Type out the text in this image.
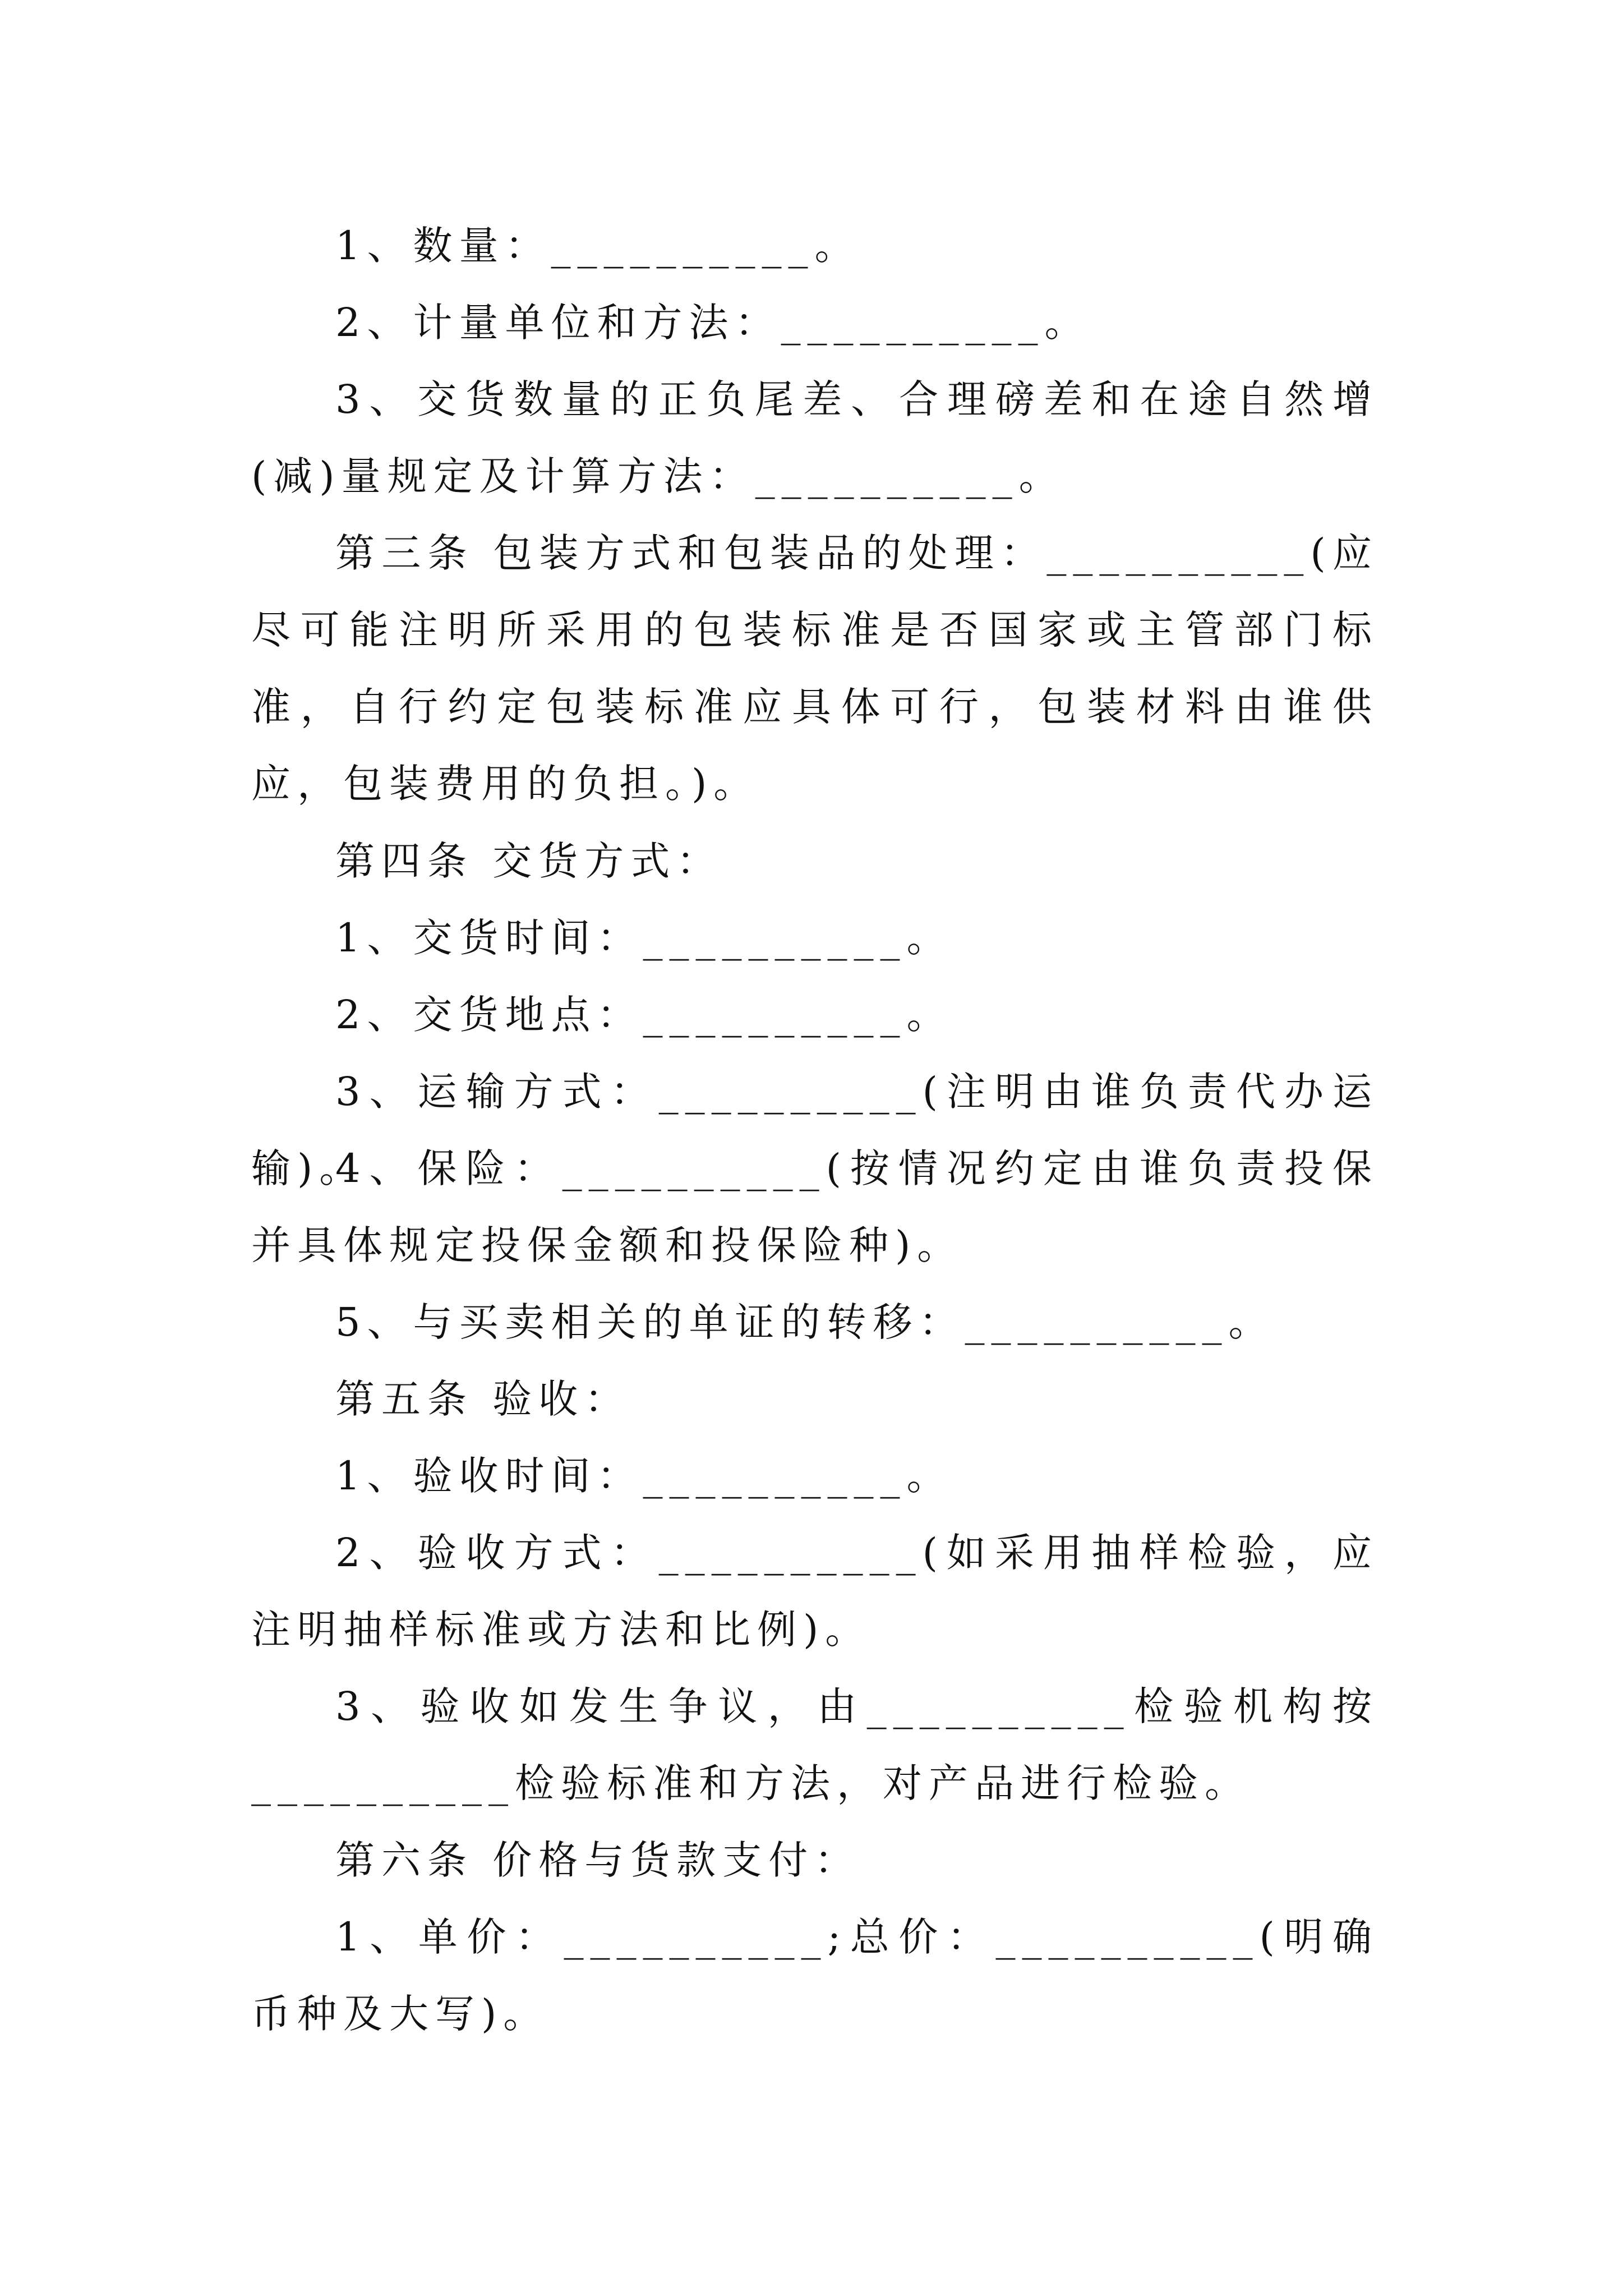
1、数量：__________。

2、计量单位和方法：__________。

3、交货数量的正负尾差、合理磅差和在途自然增(减)量规定及计算方法：__________。

第三条 包装方式和包装品的处理：__________(应尽可能注明所采用的包装标准是否国家或主管部门标准，自行约定包装标准应具体可行，包装材料由谁供应，包装费用的负担。)。

第四条 交货方式：

1、交货时间：__________。

2、交货地点：__________。

3、运输方式：__________(注明由谁负责代办运输)。

4、保险：__________(按情况约定由谁负责投保并具体规定投保金额和投保险种)。

5、与买卖相关的单证的转移：__________。

第五条 验收：

1、验收时间：__________。

2、验收方式：__________(如采用抽样检验，应注明抽样标准或方法和比例)。

3、验收如发生争议，由__________检验机构按__________检验标准和方法，对产品进行检验。

第六条 价格与货款支付：

1、单价：__________;总价：__________(明确币种及大写)。
